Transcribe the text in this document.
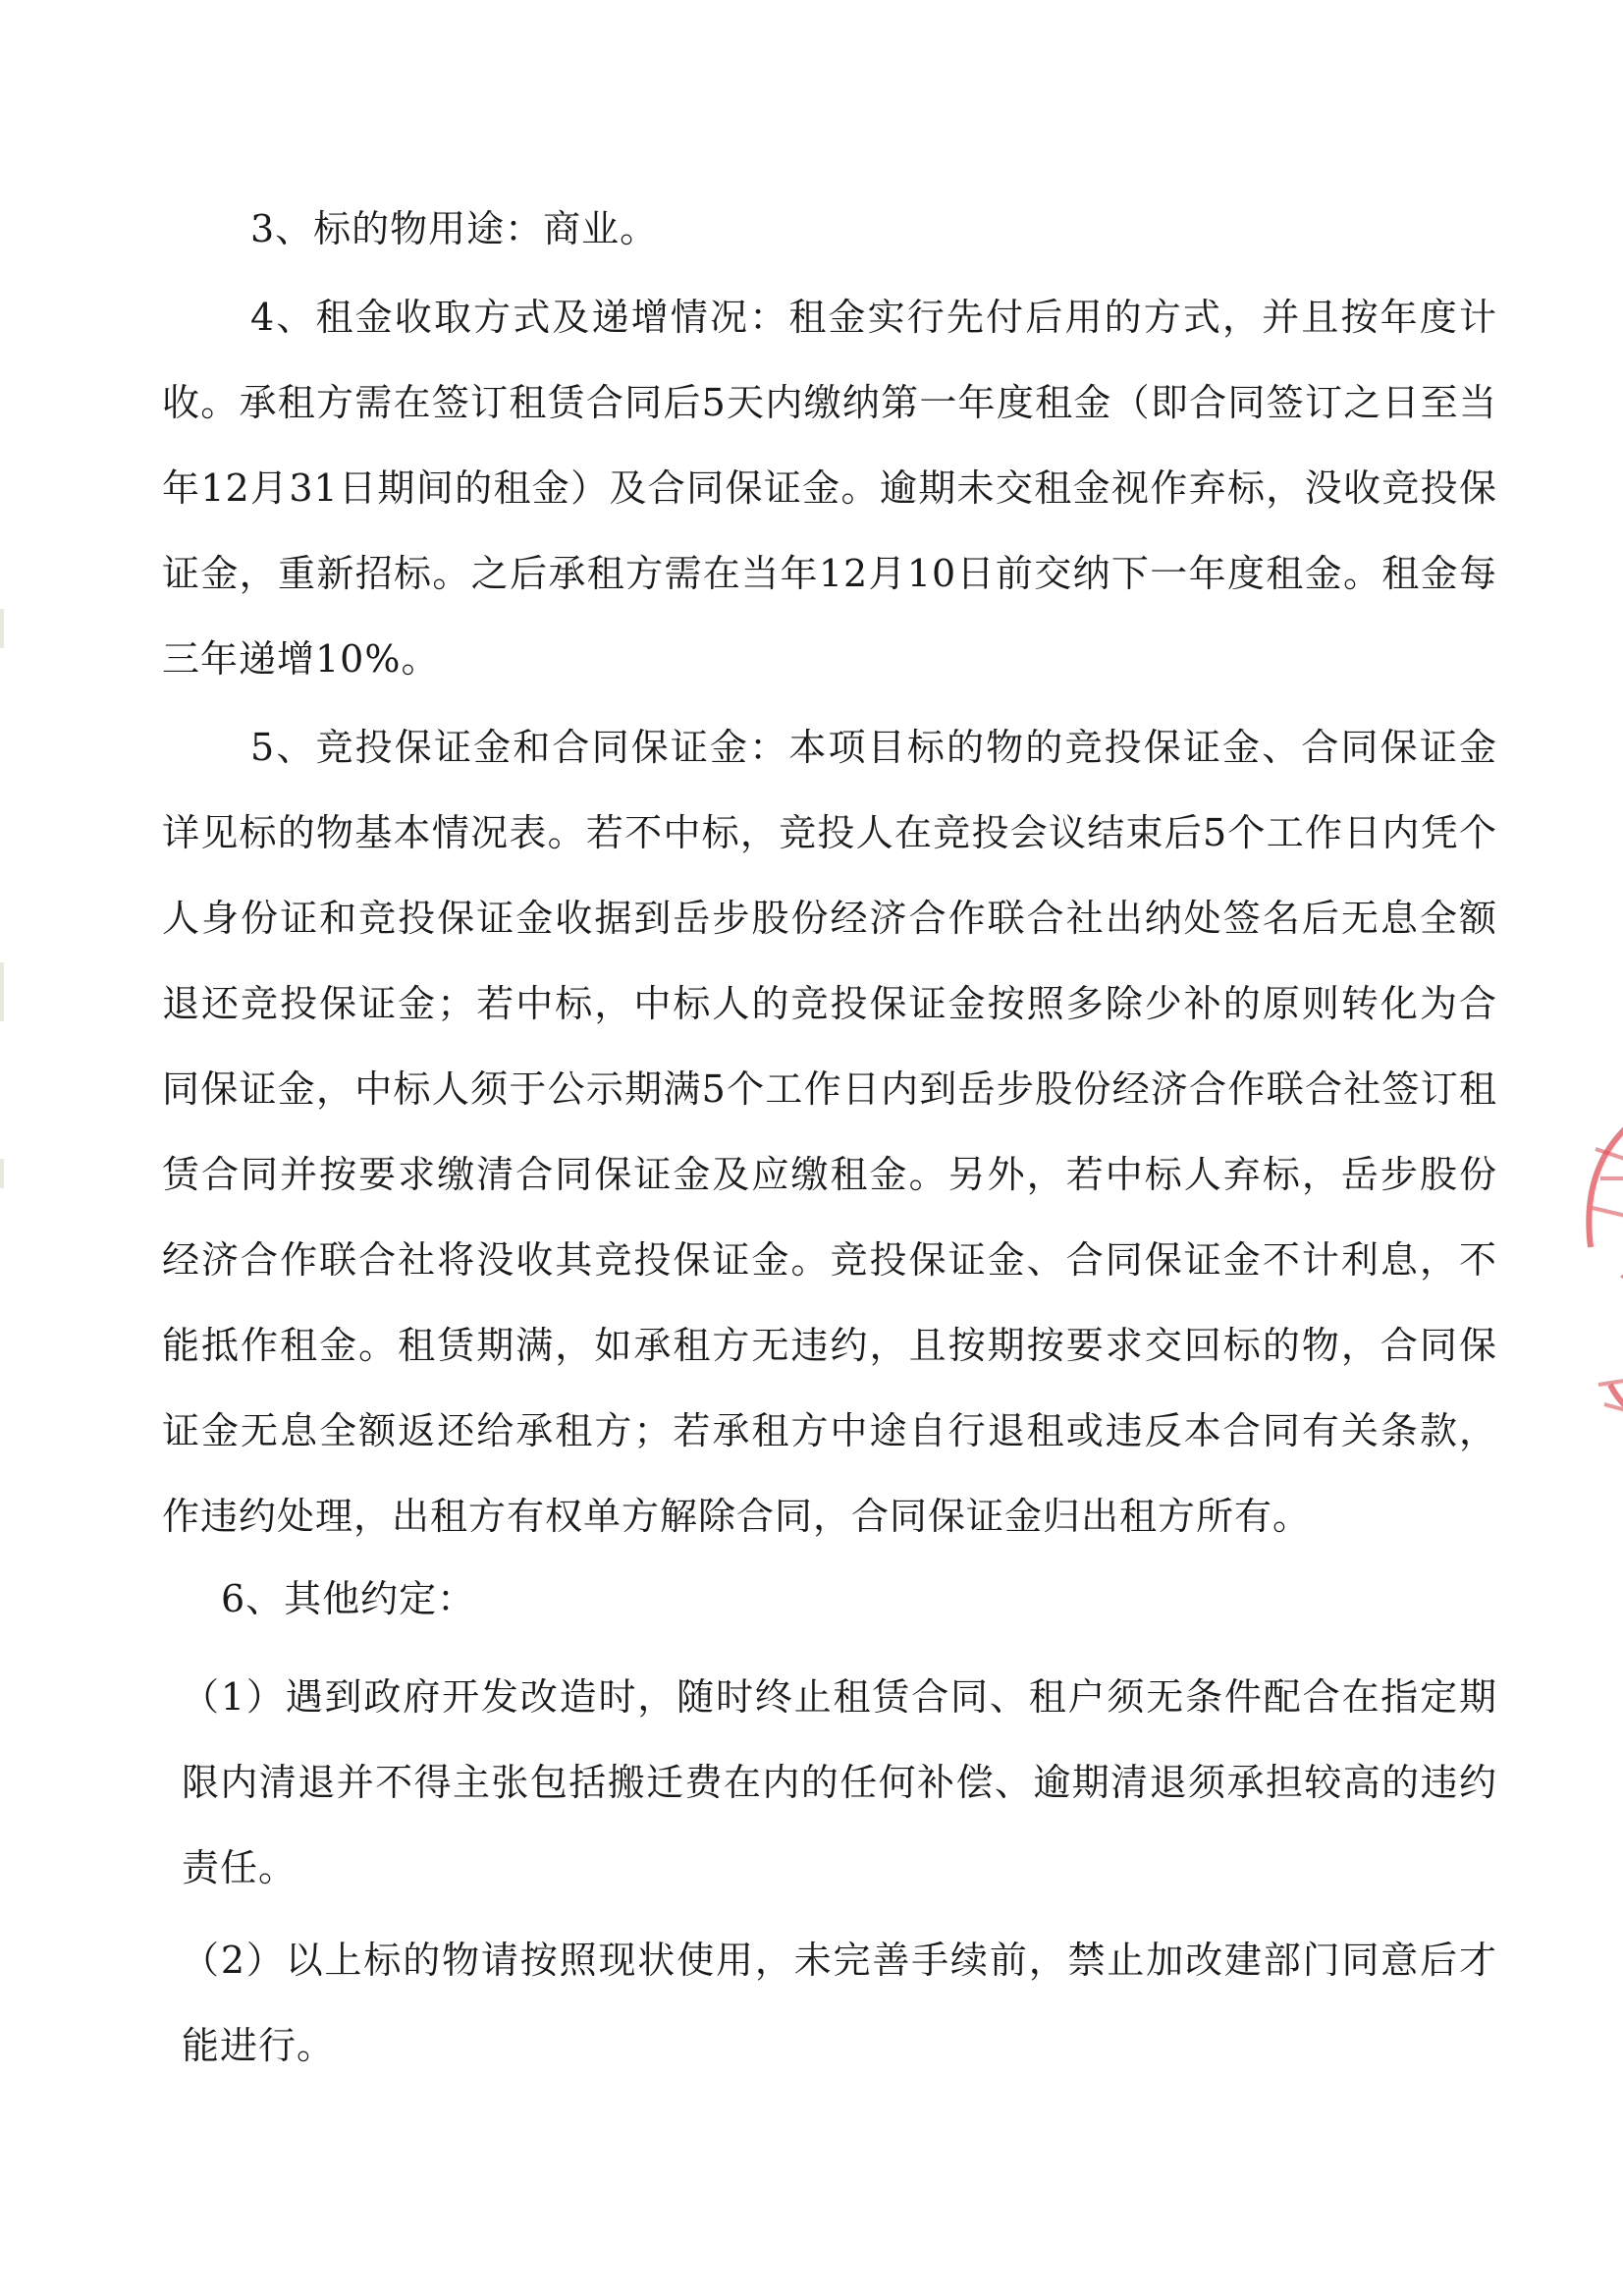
3、标的物用途：商业。

4、租金收取方式及递增情况：租金实行先付后用的方式，并且按年度计收。承租方需在签订租赁合同后5天内缴纳第一年度租金（即合同签订之日至当年12月31日期间的租金）及合同保证金。逾期未交租金视作弃标，没收竞投保证金，重新招标。之后承租方需在当年12月10日前交纳下一年度租金。租金每三年递增10%。

5、竞投保证金和合同保证金：本项目标的物的竞投保证金、合同保证金详见标的物基本情况表。若不中标，竞投人在竞投会议结束后5个工作日内凭个人身份证和竞投保证金收据到岳步股份经济合作联合社出纳处签名后无息全额退还竞投保证金；若中标，中标人的竞投保证金按照多除少补的原则转化为合同保证金，中标人须于公示期满5个工作日内到岳步股份经济合作联合社签订租赁合同并按要求缴清合同保证金及应缴租金。另外，若中标人弃标，岳步股份经济合作联合社将没收其竞投保证金。竞投保证金、合同保证金不计利息，不能抵作租金。租赁期满，如承租方无违约，且按期按要求交回标的物，合同保证金无息全额返还给承租方；若承租方中途自行退租或违反本合同有关条款，作违约处理，出租方有权单方解除合同，合同保证金归出租方所有。

6、其他约定：

（1）遇到政府开发改造时，随时终止租赁合同、租户须无条件配合在指定期限内清退并不得主张包括搬迁费在内的任何补偿、逾期清退须承担较高的违约责任。

（2）以上标的物请按照现状使用，未完善手续前，禁止加改建部门同意后才能进行。
